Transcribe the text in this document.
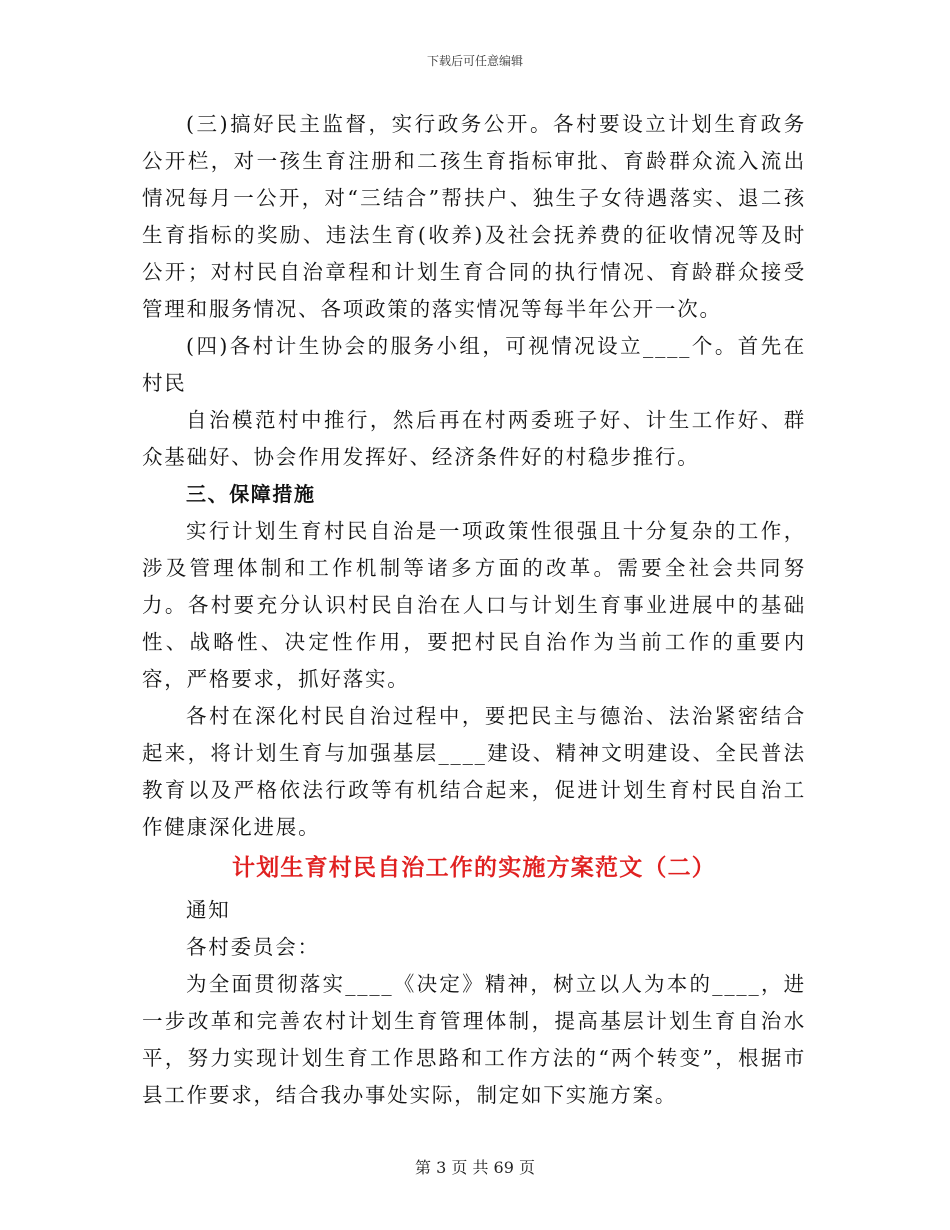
下载后可任意编辑

(三)搞好民主监督，实行政务公开。各村要设立计划生育政务公开栏，对一孩生育注册和二孩生育指标审批、育龄群众流入流出情况每月一公开，对“三结合”帮扶户、独生子女待遇落实、退二孩生育指标的奖励、违法生育(收养)及社会抚养费的征收情况等及时公开；对村民自治章程和计划生育合同的执行情况、育龄群众接受管理和服务情况、各项政策的落实情况等每半年公开一次。

(四)各村计生协会的服务小组，可视情况设立____个。首先在村民

自治模范村中推行，然后再在村两委班子好、计生工作好、群众基础好、协会作用发挥好、经济条件好的村稳步推行。

三、保障措施

实行计划生育村民自治是一项政策性很强且十分复杂的工作，涉及管理体制和工作机制等诸多方面的改革。需要全社会共同努力。各村要充分认识村民自治在人口与计划生育事业进展中的基础性、战略性、决定性作用，要把村民自治作为当前工作的重要内容，严格要求，抓好落实。

各村在深化村民自治过程中，要把民主与德治、法治紧密结合起来，将计划生育与加强基层____建设、精神文明建设、全民普法教育以及严格依法行政等有机结合起来，促进计划生育村民自治工作健康深化进展。

计划生育村民自治工作的实施方案范文（二）

通知

各村委员会：

为全面贯彻落实____《决定》精神，树立以人为本的____，进一步改革和完善农村计划生育管理体制，提高基层计划生育自治水平，努力实现计划生育工作思路和工作方法的“两个转变”，根据市县工作要求，结合我办事处实际，制定如下实施方案。

第 3 页 共 69 页
